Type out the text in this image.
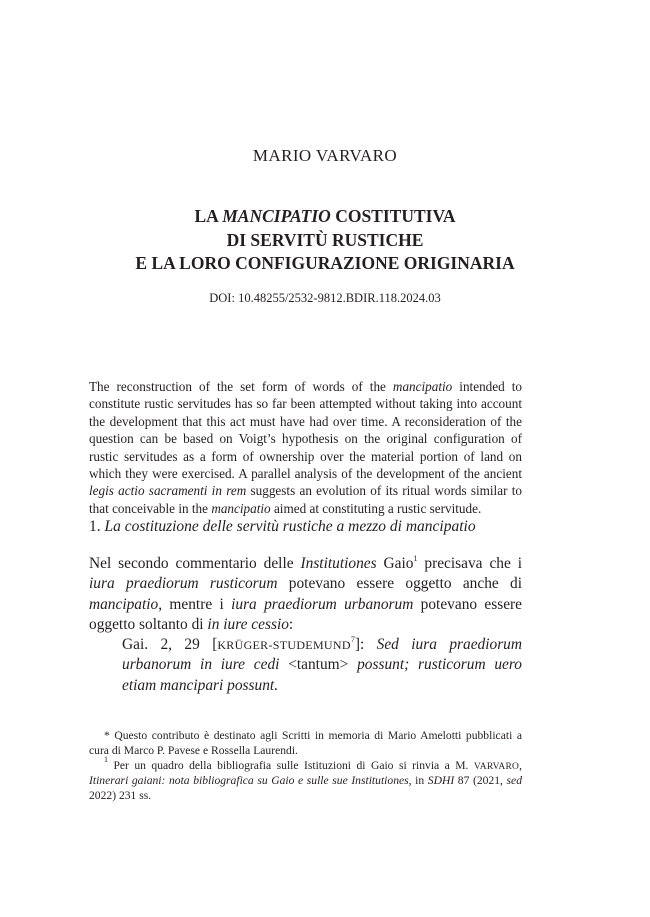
MARIO VARVARO
LA MANCIPATIO COSTITUTIVA
DI SERVITÙ RUSTICHE
E LA LORO CONFIGURAZIONE ORIGINARIA
DOI: 10.48255/2532-9812.BDIR.118.2024.03

The reconstruction of the set form of words of the mancipatio intended to constitute rustic servitudes has so far been attempted without taking into account the development that this act must have had over time. A reconsideration of the question can be based on Voigt’s hypothesis on the original configuration of rustic servitudes as a form of ownership over the material portion of land on which they were exercised. A parallel analysis of the development of the ancient legis actio sacramenti in rem suggests an evolution of its ritual words similar to that conceivable in the mancipatio aimed at constituting a rustic servitude.

1. La costituzione delle servitù rustiche a mezzo di mancipatio

Nel secondo commentario delle Institutiones Gaio$^1$ precisava che i iura praediorum rusticorum potevano essere oggetto anche di mancipatio, mentre i iura praediorum urbanorum potevano essere oggetto soltanto di in iure cessio:

Gai. 2, 29 [KRÜGER-STUDEMUND$^7$]: Sed iura praediorum urbanorum in iure cedi <tantum> possunt; rusticorum uero etiam mancipari possunt.

* Questo contributo è destinato agli Scritti in memoria di Mario Amelotti pubblicati a cura di Marco P. Pavese e Rossella Laurendi.

$^1$ Per un quadro della bibliografia sulle Istituzioni di Gaio si rinvia a M. VARVARO, Itinerari gaiani: nota bibliografica su Gaio e sulle sue Institutiones, in SDHI 87 (2021, sed 2022) 231 ss.
